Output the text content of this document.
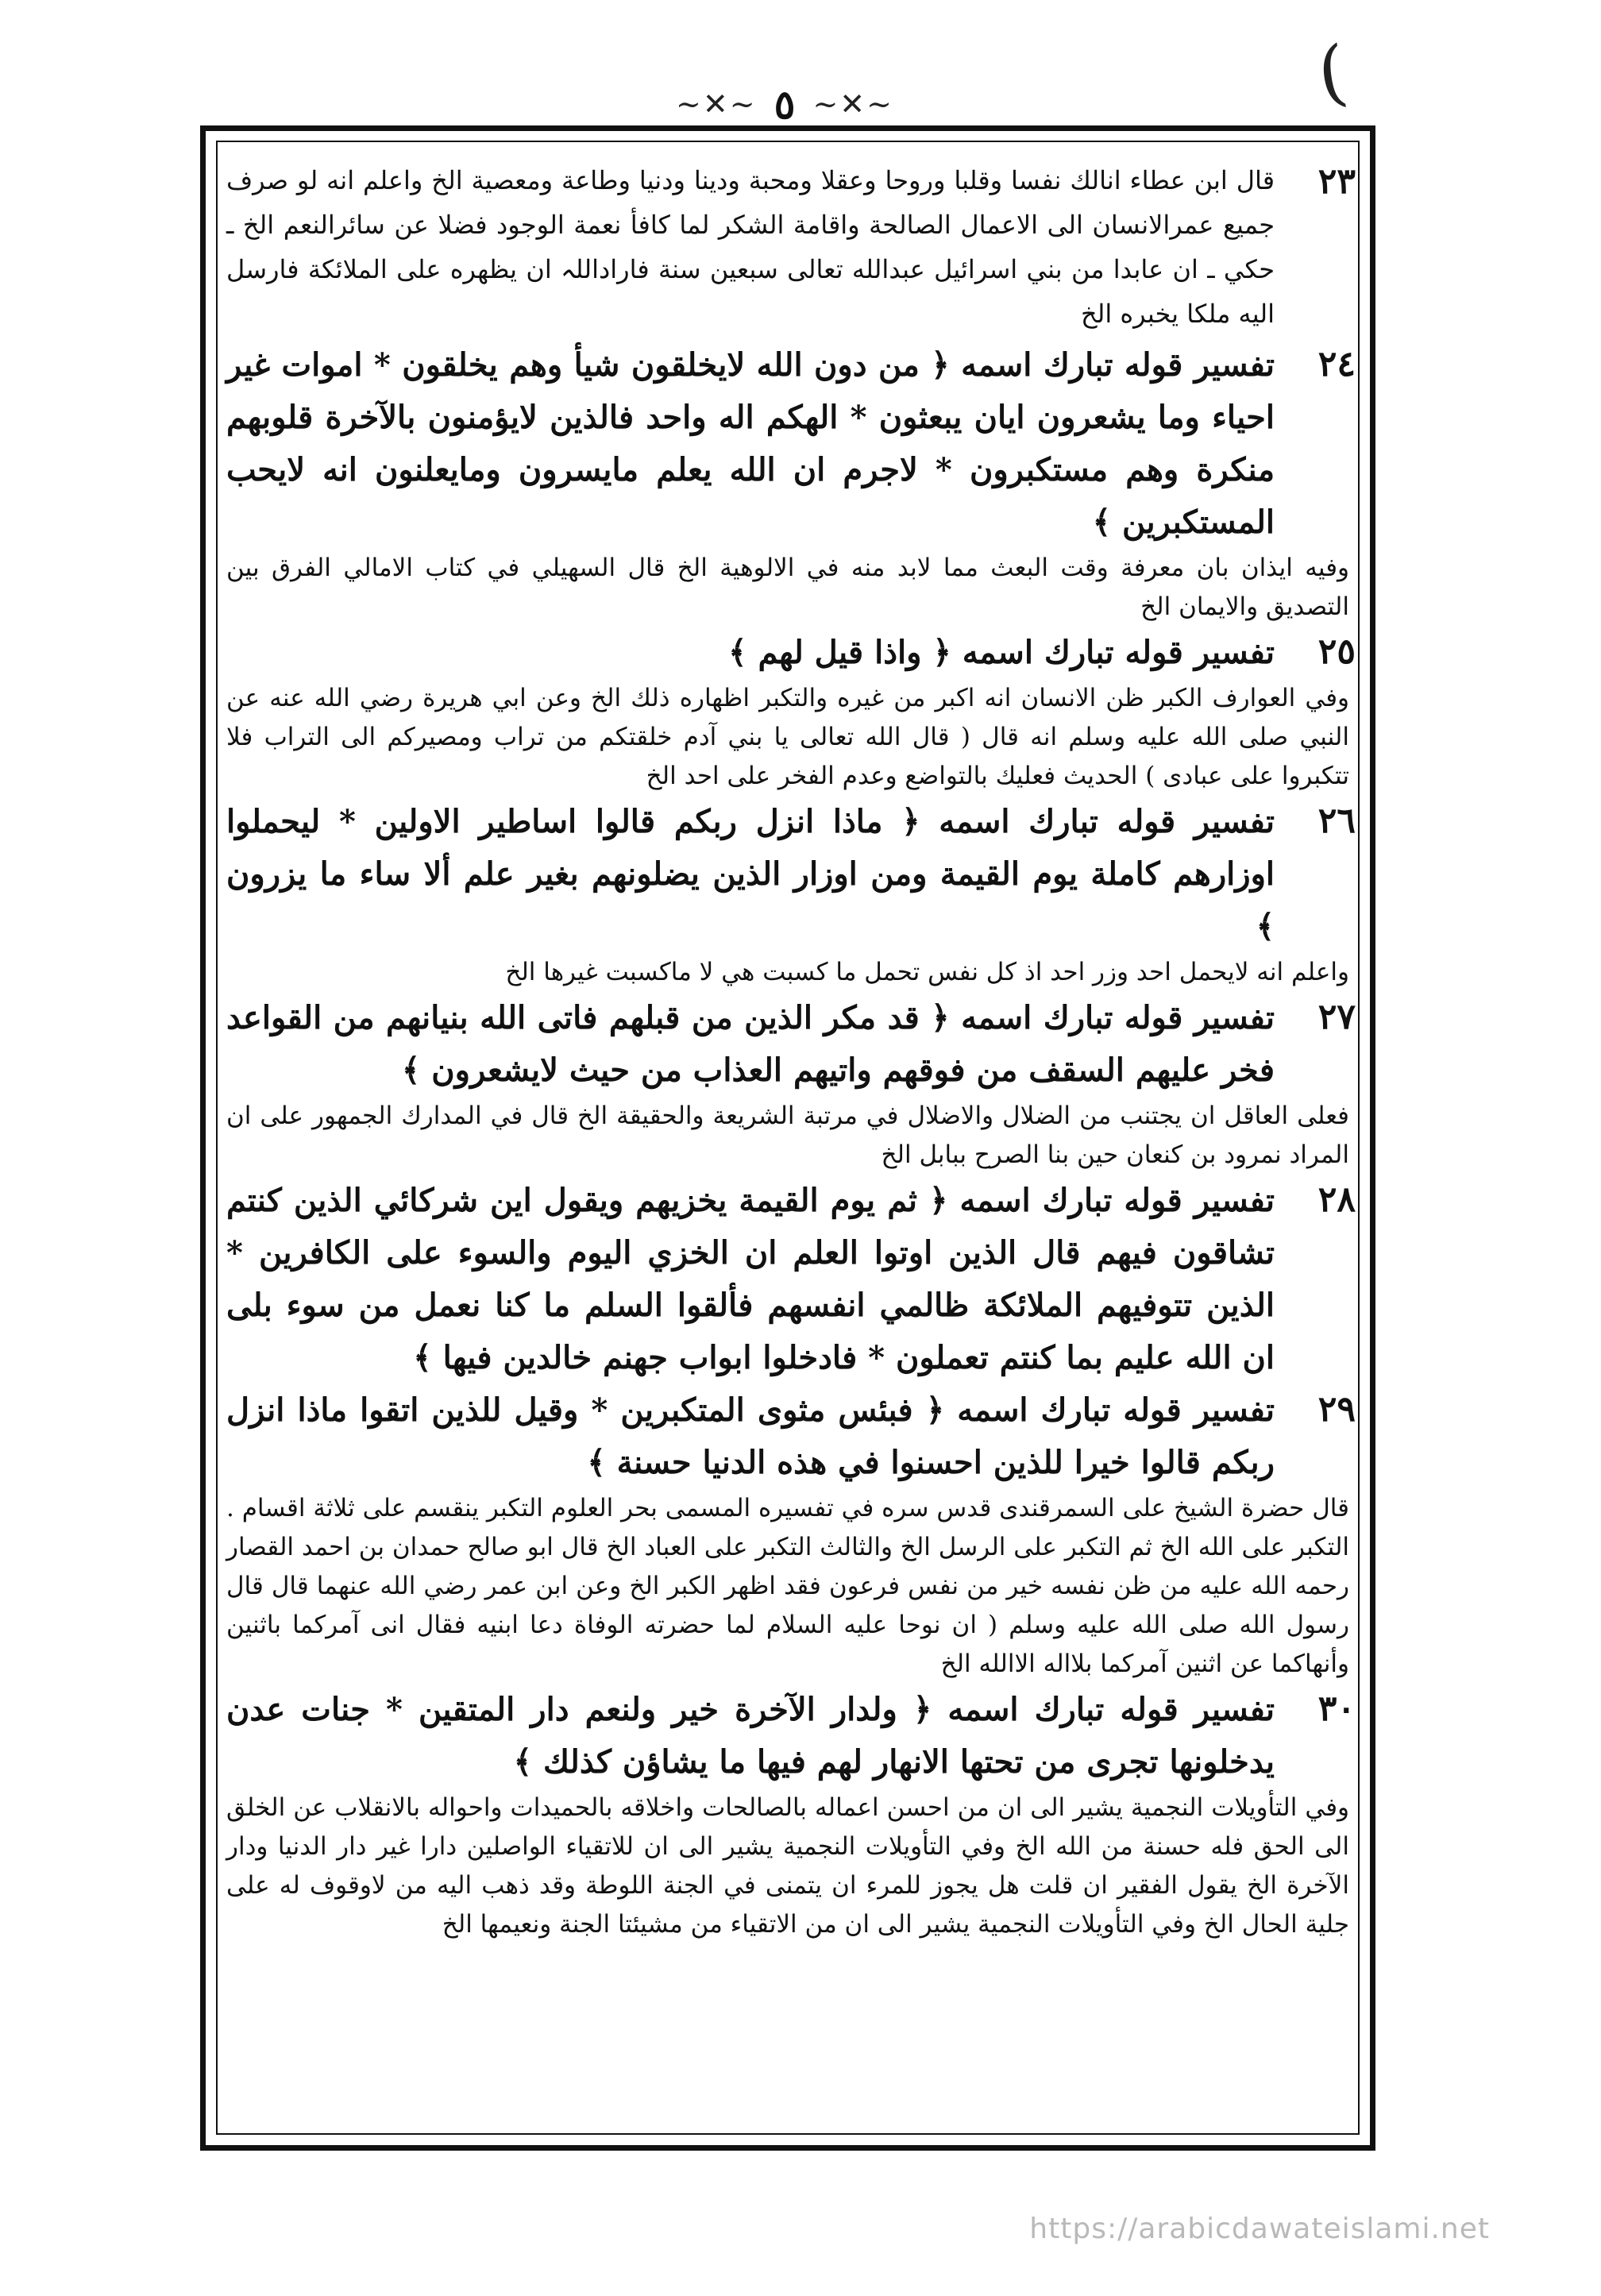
(
~✕~ ٥ ~✕~
٢٣

قال ابن عطاء انالك نفسا وقلبا وروحا وعقلا ومحبة ودينا ودنيا وطاعة ومعصية الخ واعلم انه لو صرف جميع عمرالانسان الى الاعمال الصالحة واقامة الشكر لما كافأ نعمة الوجود فضلا عن سائرالنعم الخ ـ حكي ـ ان عابدا من بني اسرائيل عبدالله تعالى سبعين سنة فاراداللہ ان يظهره على الملائكة فارسل اليه ملكا يخبره الخ

٢٤

تفسير قوله تبارك اسمه ﴿ من دون الله لايخلقون شيأ وهم يخلقون * اموات غير احياء وما يشعرون ايان يبعثون * الهكم اله واحد فالذين لايؤمنون بالآخرة قلوبهم منكرة وهم مستكبرون * لاجرم ان الله يعلم مايسرون ومايعلنون انه لايحب المستكبرين ﴾

وفيه ايذان بان معرفة وقت البعث مما لابد منه في الالوهية الخ قال السهيلي في كتاب الامالي الفرق بين التصديق والايمان الخ

٢٥

تفسير قوله تبارك اسمه ﴿ واذا قيل لهم ﴾

وفي العوارف الكبر ظن الانسان انه اكبر من غيره والتكبر اظهاره ذلك الخ وعن ابي هريرة رضي الله عنه عن النبي صلى الله عليه وسلم انه قال ( قال الله تعالى يا بني آدم خلقتكم من تراب ومصيركم الى التراب فلا تتكبروا على عبادى ) الحديث فعليك بالتواضع وعدم الفخر على احد الخ

٢٦

تفسير قوله تبارك اسمه ﴿ ماذا انزل ربكم قالوا اساطير الاولين * ليحملوا اوزارهم كاملة يوم القيمة ومن اوزار الذين يضلونهم بغير علم ألا ساء ما يزرون ﴾

واعلم انه لايحمل احد وزر احد اذ كل نفس تحمل ما كسبت هي لا ماكسبت غيرها الخ

٢٧

تفسير قوله تبارك اسمه ﴿ قد مكر الذين من قبلهم فاتى الله بنيانهم من القواعد فخر عليهم السقف من فوقهم واتيهم العذاب من حيث لايشعرون ﴾

فعلى العاقل ان يجتنب من الضلال والاضلال في مرتبة الشريعة والحقيقة الخ قال في المدارك الجمهور على ان المراد نمرود بن كنعان حين بنا الصرح ببابل الخ

٢٨

تفسير قوله تبارك اسمه ﴿ ثم يوم القيمة يخزيهم ويقول اين شركائي الذين كنتم تشاقون فيهم قال الذين اوتوا العلم ان الخزي اليوم والسوء على الكافرين * الذين تتوفيهم الملائكة ظالمي انفسهم فألقوا السلم ما كنا نعمل من سوء بلى ان الله عليم بما كنتم تعملون * فادخلوا ابواب جهنم خالدين فيها ﴾

٢٩

تفسير قوله تبارك اسمه ﴿ فبئس مثوى المتكبرين * وقيل للذين اتقوا ماذا انزل ربكم قالوا خيرا للذين احسنوا في هذه الدنيا حسنة ﴾

قال حضرة الشيخ على السمرقندى قدس سره في تفسيره المسمى بحر العلوم التكبر ينقسم على ثلاثة اقسام . التكبر على الله الخ ثم التكبر على الرسل الخ والثالث التكبر على العباد الخ قال ابو صالح حمدان بن احمد القصار رحمه الله عليه من ظن نفسه خير من نفس فرعون فقد اظهر الكبر الخ وعن ابن عمر رضي الله عنهما قال قال رسول الله صلى الله عليه وسلم ( ان نوحا عليه السلام لما حضرته الوفاة دعا ابنيه فقال انى آمركما باثنين وأنهاكما عن اثنين آمركما بلااله الاالله الخ

٣٠

تفسير قوله تبارك اسمه ﴿ ولدار الآخرة خير ولنعم دار المتقين * جنات عدن يدخلونها تجرى من تحتها الانهار لهم فيها ما يشاؤن كذلك ﴾

وفي التأويلات النجمية يشير الى ان من احسن اعماله بالصالحات واخلاقه بالحميدات واحواله بالانقلاب عن الخلق الى الحق فله حسنة من الله الخ وفي التأويلات النجمية يشير الى ان للاتقياء الواصلين دارا غير دار الدنيا ودار الآخرة الخ يقول الفقير ان قلت هل يجوز للمرء ان يتمنى في الجنة اللوطة وقد ذهب اليه من لاوقوف له على جلية الحال الخ وفي التأويلات النجمية يشير الى ان من الاتقياء من مشيئتا الجنة ونعيمها الخ

https://arabicdawateislami.net
